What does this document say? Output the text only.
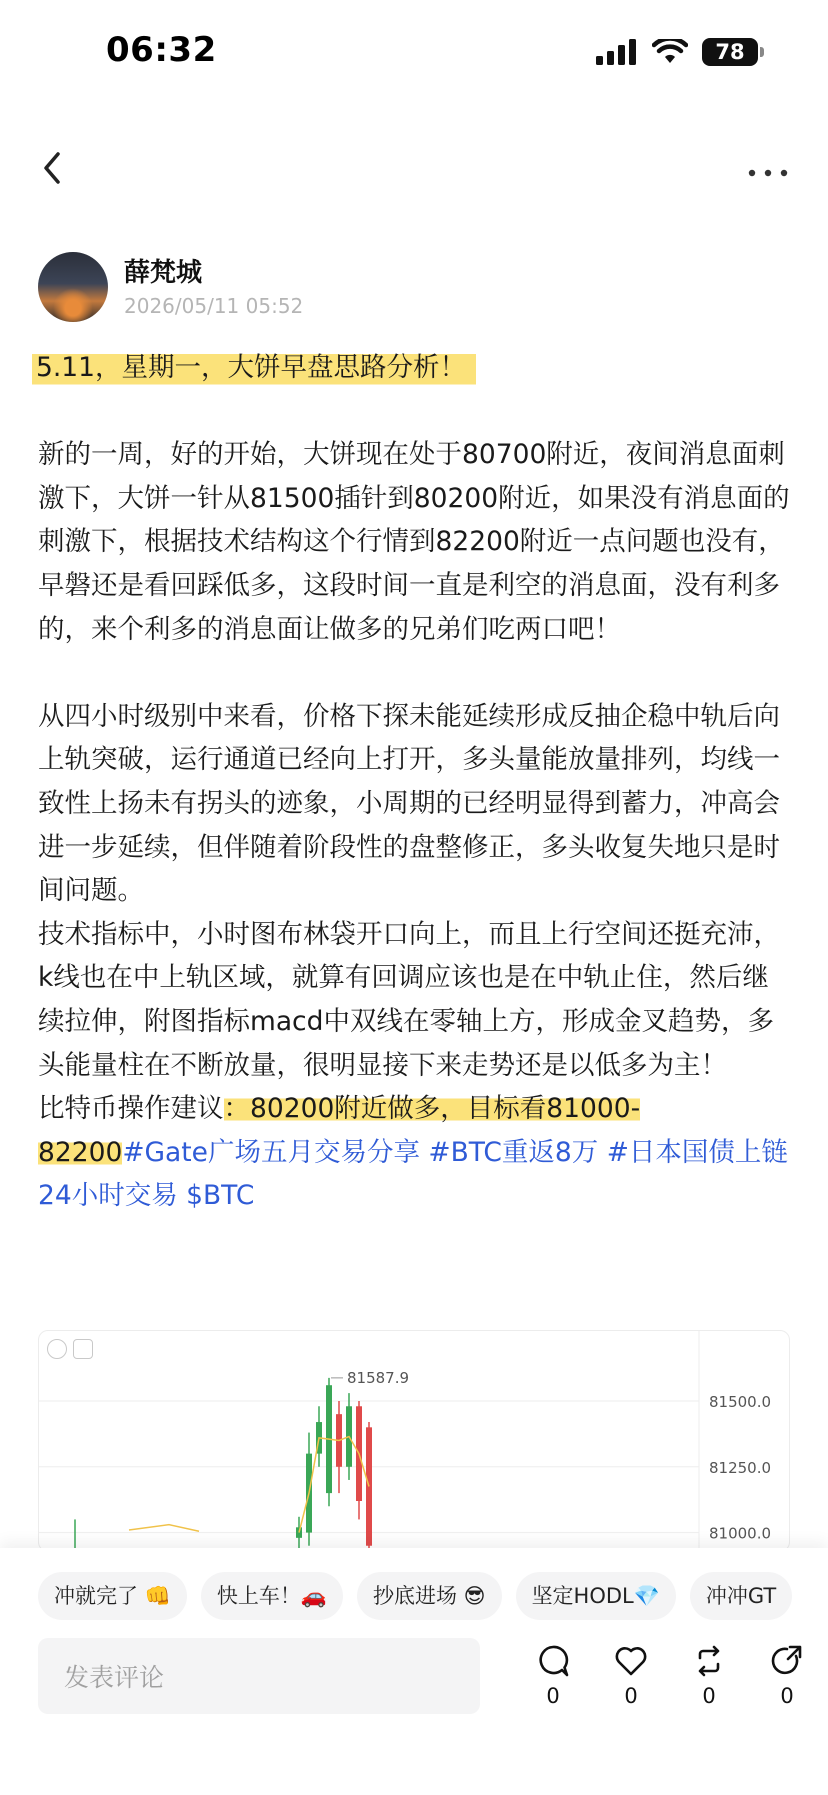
06:32	78
薛梵城
2026/05/11 05:52

5.11，星期一，大饼早盘思路分析！

新的一周，好的开始，大饼现在处于80700附近，夜间消息面刺激下，大饼一针从81500插针到80200附近，如果没有消息面的刺激下，根据技术结构这个行情到82200附近一点问题也没有，早磐还是看回踩低多，这段时间一直是利空的消息面，没有利多的，来个利多的消息面让做多的兄弟们吃两口吧！

从四小时级别中来看，价格下探未能延续形成反抽企稳中轨后向上轨突破，运行通道已经向上打开，多头量能放量排列，均线一致性上扬未有拐头的迹象，小周期的已经明显得到蓄力，冲高会进一步延续，但伴随着阶段性的盘整修正，多头收复失地只是时间问题。

技术指标中，小时图布林袋开口向上，而且上行空间还挺充沛，k线也在中上轨区域，就算有回调应该也是在中轨止住，然后继续拉伸，附图指标macd中双线在零轴上方，形成金叉趋势，多头能量柱在不断放量，很明显接下来走势还是以低多为主！

比特币操作建议：80200附近做多，目标看81000-82200#Gate广场五月交易分享 #BTC重返8万 #日本国债上链24小时交易 $BTC

81500.0
81250.0
81000.0
81587.9
冲就完了 👊	快上车！🚗	抄底进场 😎	坚定HODL💎	冲冲GT
发表评论
0	0	0	0
